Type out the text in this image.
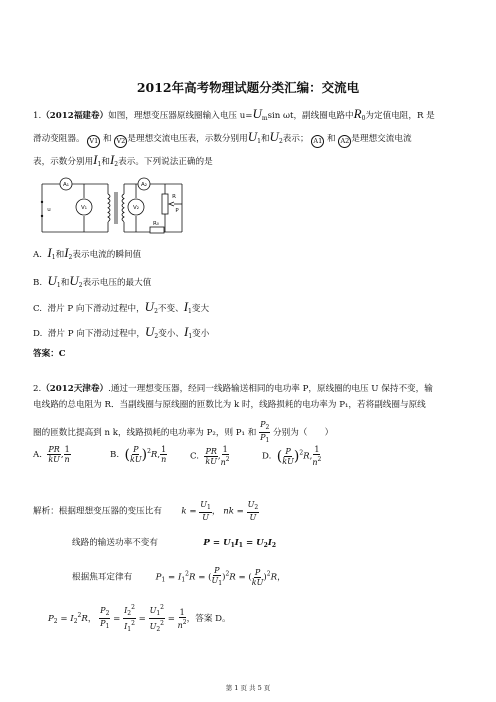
2012年高考物理试题分类汇编：交流电
1.（2012福建卷）如图，理想变压器原线圈输入电压 $u=U_m\sin$ ωt，副线圈电路中$R_0$为定值电阻，R 是
滑动变阻器。 V1 和 V2 是理想交流电压表，示数分别用$U_1$和$U_2$表示； A1 和 A2 是理想交流电流
表，示数分别用$I_1$和$I_2$表示。下列说法正确的是
A₁
V₁	V₂
A₂
R₀
R
P
u
A. $I_1$和$I_2$表示电流的瞬间值
B. $U_1$和$U_2$表示电压的最大值
C. 滑片 P 向下滑动过程中，$U_2$不变、$I_1$变大
D. 滑片 P 向下滑动过程中，$U_2$变小、$I_1$变小
答案：C
2.（2012天津卷）.通过一理想变压器，经同一线路输送相同的电功率 P，原线圈的电压 U 保持不变，输
电线路的总电阻为 R．当副线圈与原线圈的匝数比为 k 时，线路损耗的电功率为 P₁，若将副线圈与原线
圈的匝数比提高到 n k，线路损耗的电功率为 P₂，则 P₁ 和 $\frac{P_2}{P_1}$ 分别为（　　）
A. $\frac{PR}{kU}$ , $\frac{1}{n}$	B. ( $\frac{P}{kU} )^2R$, $\frac{1}{n}$	C. $\frac{PR}{kU}$ , $\frac{1}{n^2}$	D. ( $\frac{P}{kU} )^2R$, $\frac{1}{n^2}$
解析：根据理想变压器的变压比有 $k = \frac{U_1}{U}$ ， nk = $\frac{U_2}{U}$
线路的输送功率不变有	$P = U_1I_1 = U_2I_2$
根据焦耳定律有	$P_1 = I_1^2R$ = ( $\frac{P}{U_1} )^2R$ = ( $\frac{P}{kU} )^2R$，
$P_2 = I_2^2R$， $\frac{P_2}{P_1} = \frac{I_2^2}{I_1^2} = \frac{U_1^2}{U_2^2} = \frac{1}{n^2}$ ，答案 D。
第 1 页 共 5 页
